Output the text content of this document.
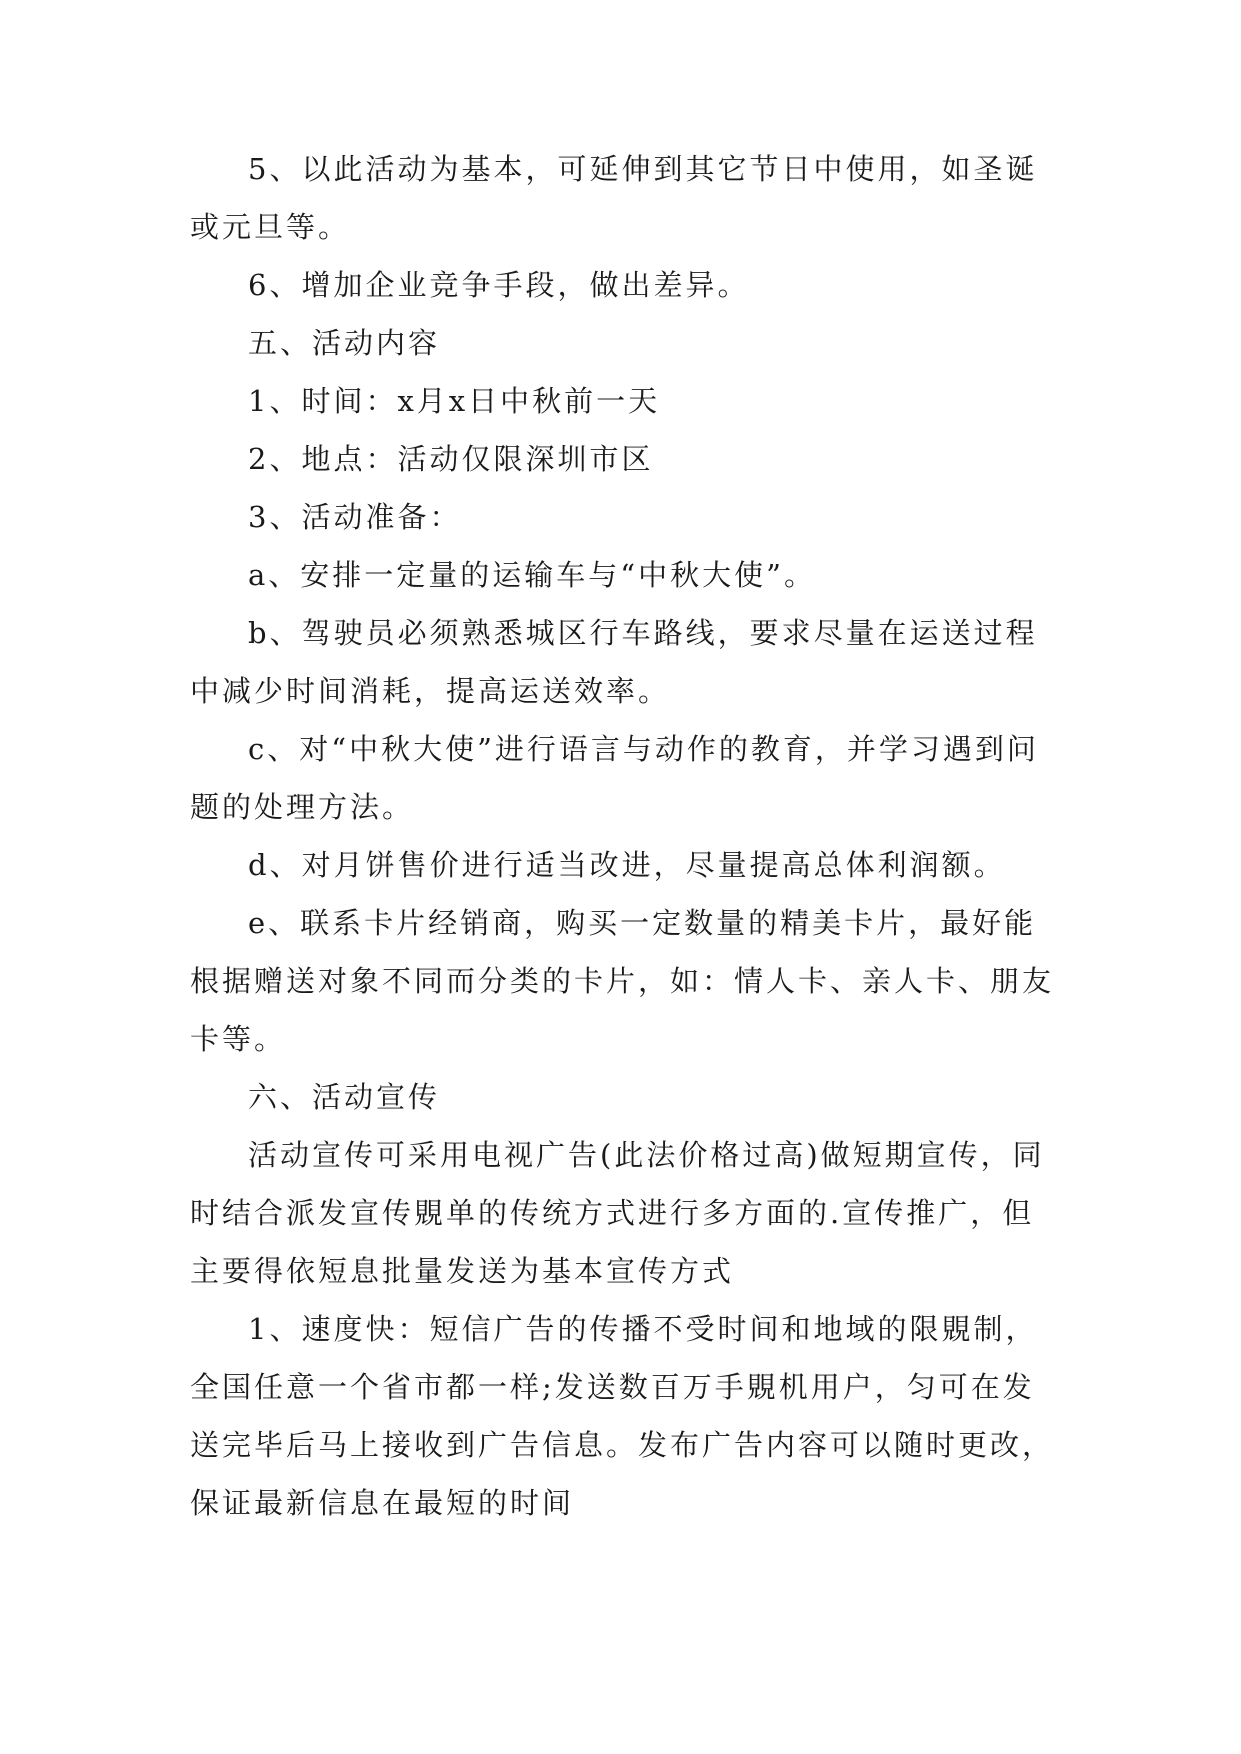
5、以此活动为基本，可延伸到其它节日中使用，如圣诞或元旦等。

6、增加企业竞争手段，做出差异。

五、活动内容

1、时间：x月x日中秋前一天

2、地点：活动仅限深圳市区

3、活动准备：

a、安排一定量的运输车与“中秋大使”。

b、驾驶员必须熟悉城区行车路线，要求尽量在运送过程中减少时间消耗，提高运送效率。

c、对“中秋大使”进行语言与动作的教育，并学习遇到问题的处理方法。

d、对月饼售价进行适当改进，尽量提高总体利润额。

e、联系卡片经销商，购买一定数量的精美卡片，最好能根据赠送对象不同而分类的卡片，如：情人卡、亲人卡、朋友卡等。

六、活动宣传

活动宣传可采用电视广告(此法价格过高)做短期宣传，同时结合派发宣传覞单的传统方式进行多方面的.宣传推广，但主要得依短息批量发送为基本宣传方式

1、速度快：短信广告的传播不受时间和地域的限覞制，全国任意一个省市都一样;发送数百万手覞机用户，匀可在发送完毕后马上接收到广告信息。发布广告内容可以随时更改，保证最新信息在最短的时间
